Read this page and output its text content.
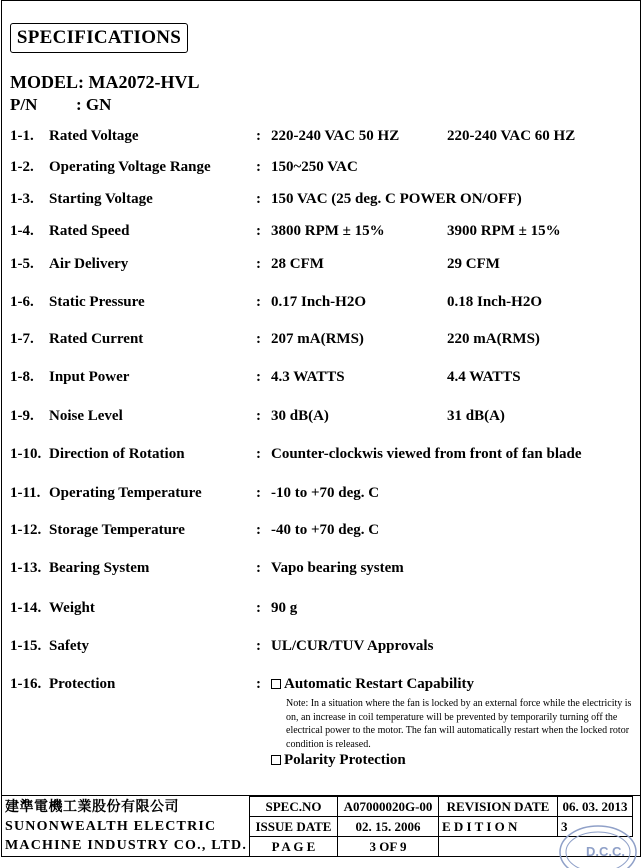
SPECIFICATIONS
MODEL: MA2072-HVL
P/N : GN
1-1. Rated Voltage	: 220-240 VAC 50 HZ	220-240 VAC 60 HZ
1-2. Operating Voltage Range	: 150~250 VAC
1-3. Starting Voltage	: 150 VAC (25 deg. C POWER ON/OFF)
1-4. Rated Speed	: 3800 RPM ± 15%	3900 RPM ± 15%
1-5. Air Delivery	: 28 CFM	29 CFM
1-6. Static Pressure	: 0.17 Inch-H2O	0.18 Inch-H2O
1-7. Rated Current	: 207 mA(RMS)	220 mA(RMS)
1-8. Input Power	: 4.3 WATTS	4.4 WATTS
1-9. Noise Level	: 30 dB(A)	31 dB(A)
1-10. Direction of Rotation	: Counter-clockwis viewed from front of fan blade
1-11. Operating Temperature	: -10 to +70 deg. C
1-12. Storage Temperature	: -40 to +70 deg. C
1-13. Bearing System	: Vapo bearing system
1-14. Weight	: 90 g
1-15. Safety	: UL/CUR/TUV Approvals
1-16. Protection	:	Automatic Restart Capability
Note: In a situation where the fan is locked by an external force while the electricity is on, an increase in coil temperature will be prevented by temporarily turning off the electrical power to the motor. The fan will automatically restart when the locked rotor condition is released.
Polarity Protection
建準電機工業股份有限公司
SUNONWEALTH ELECTRIC
MACHINE INDUSTRY CO., LTD.
SPEC.NO	A07000020G-00	REVISION DATE	06. 03. 2013
ISSUE DATE	02. 15. 2006	E D I T I O N	3
P A G E	3 OF 9			D.C.C.
